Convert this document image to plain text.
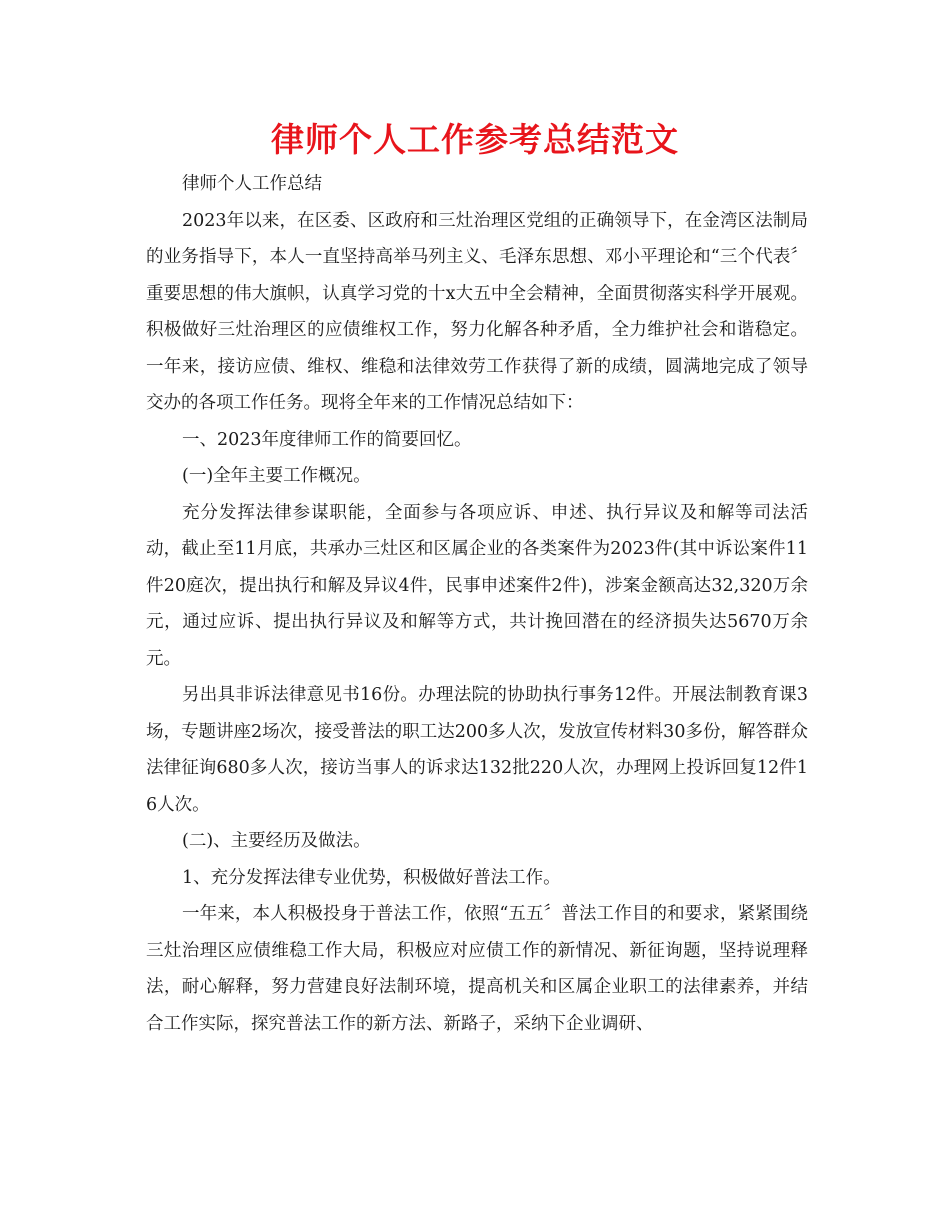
律师个人工作参考总结范文

律师个人工作总结

2023年以来，在区委、区政府和三灶治理区党组的正确领导下，在金湾区法制局的业务指导下，本人一直坚持高举马列主义、毛泽东思想、邓小平理论和“三个代表〞重要思想的伟大旗帜，认真学习党的十x大五中全会精神，全面贯彻落实科学开展观。积极做好三灶治理区的应债维权工作，努力化解各种矛盾，全力维护社会和谐稳定。一年来，接访应债、维权、维稳和法律效劳工作获得了新的成绩，圆满地完成了领导交办的各项工作任务。现将全年来的工作情况总结如下：

一、2023年度律师工作的简要回忆。

(一)全年主要工作概况。

充分发挥法律参谋职能，全面参与各项应诉、申述、执行异议及和解等司法活动，截止至11月底，共承办三灶区和区属企业的各类案件为2023件(其中诉讼案件11件20庭次，提出执行和解及异议4件，民事申述案件2件)，涉案金额高达32,320万余元，通过应诉、提出执行异议及和解等方式，共计挽回潜在的经济损失达5670万余元。

另出具非诉法律意见书16份。办理法院的协助执行事务12件。开展法制教育课3场，专题讲座2场次，接受普法的职工达200多人次，发放宣传材料30多份，解答群众法律征询680多人次，接访当事人的诉求达132批220人次，办理网上投诉回复12件16人次。

(二)、主要经历及做法。

1、充分发挥法律专业优势，积极做好普法工作。

一年来，本人积极投身于普法工作，依照“五五〞普法工作目的和要求，紧紧围绕三灶治理区应债维稳工作大局，积极应对应债工作的新情况、新征询题，坚持说理释法，耐心解释，努力营建良好法制环境，提高机关和区属企业职工的法律素养，并结合工作实际，探究普法工作的新方法、新路子，采纳下企业调研、
